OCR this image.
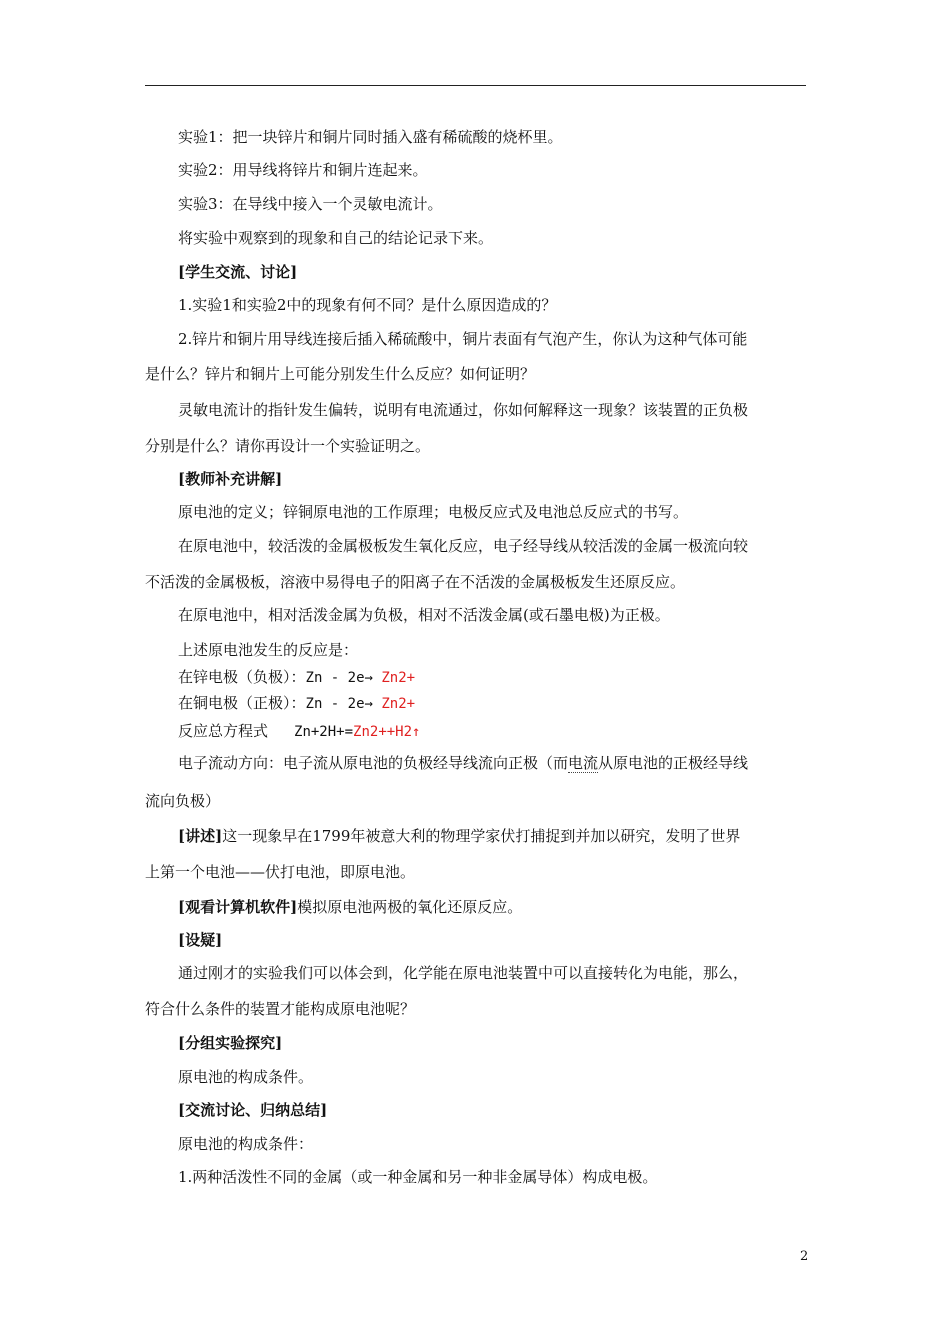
实验1：把一块锌片和铜片同时插入盛有稀硫酸的烧杯里。
实验2：用导线将锌片和铜片连起来。
实验3：在导线中接入一个灵敏电流计。
将实验中观察到的现象和自己的结论记录下来。
[学生交流、讨论]
1.实验1和实验2中的现象有何不同？是什么原因造成的？
2.锌片和铜片用导线连接后插入稀硫酸中，铜片表面有气泡产生，你认为这种气体可能
是什么？锌片和铜片上可能分别发生什么反应？如何证明？
灵敏电流计的指针发生偏转，说明有电流通过，你如何解释这一现象？该装置的正负极
分别是什么？请你再设计一个实验证明之。
[教师补充讲解]
原电池的定义；锌铜原电池的工作原理；电极反应式及电池总反应式的书写。
在原电池中，较活泼的金属极板发生氧化反应，电子经导线从较活泼的金属一极流向较
不活泼的金属极板，溶液中易得电子的阳离子在不活泼的金属极板发生还原反应。
在原电池中，相对活泼金属为负极，相对不活泼金属(或石墨电极)为正极。
上述原电池发生的反应是：
在锌电极（负极）：Zn - 2e→ Zn2+
在铜电极（正极）：Zn - 2e→ Zn2+
反应总方程式 Zn+2H+=Zn2++H2↑
电子流动方向：电子流从原电池的负极经导线流向正极（而电流从原电池的正极经导线
流向负极）
[讲述]这一现象早在1799年被意大利的物理学家伏打捕捉到并加以研究，发明了世界
上第一个电池——伏打电池，即原电池。
[观看计算机软件]模拟原电池两极的氧化还原反应。
[设疑]
通过刚才的实验我们可以体会到，化学能在原电池装置中可以直接转化为电能，那么，
符合什么条件的装置才能构成原电池呢？
[分组实验探究]
原电池的构成条件。
[交流讨论、归纳总结]
原电池的构成条件：
1.两种活泼性不同的金属（或一种金属和另一种非金属导体）构成电极。
2
